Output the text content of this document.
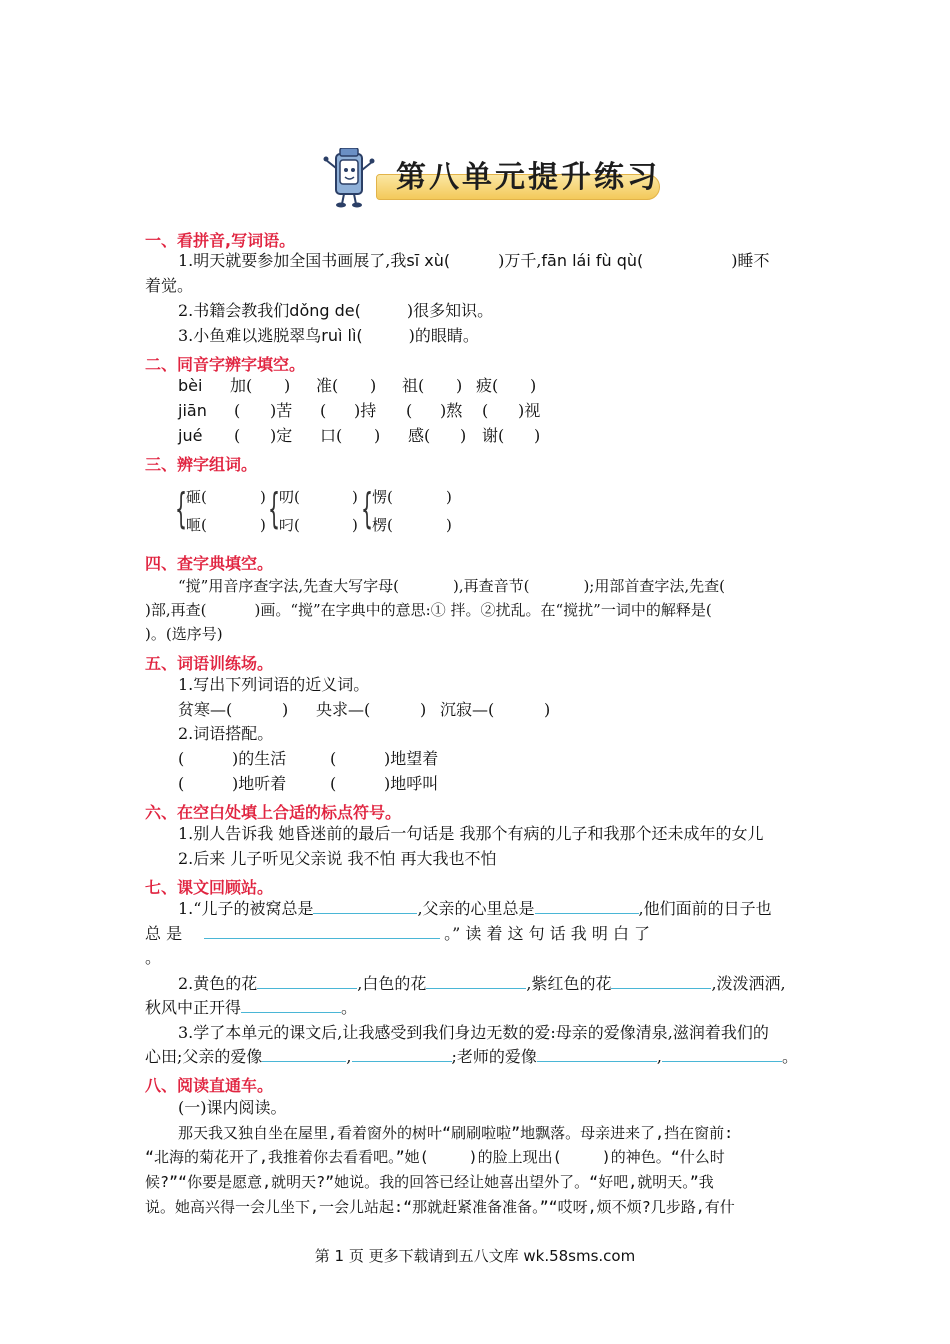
第八单元提升练习
一、看拼音,写词语。
1.明天就要参加全国书画展了,我sī xù(	)万千,fān lái fù qù(	)睡不
着觉。
2.书籍会教我们dǒng de(	)很多知识。
3.小鱼难以逃脱翠鸟ruì lì(	)的眼睛。
二、同音字辨字填空。
bèi 加( ) 准( ) 祖( ) 疲( )
jiān ( )苦 ( )持 ( )熬 ( )视
jué ( )定 口( ) 感( ) 谢( )
三、辨字组词。
{
砸(	)
咂(	) {
叨(	)
叼(	) {
愣(	)
楞(	)
四、查字典填空。
“搅”用音序查字法,先查大写字母(	),再查音节(	);用部首查字法,先查(
)部,再查(	)画。“搅”在字典中的意思:① 拌。②扰乱。在“搅扰”一词中的解释是(
)。(选序号)
五、词语训练场。
1.写出下列词语的近义词。
贫寒—(	) 央求—(	) 沉寂—(	)
2.词语搭配。
(	)的生活	(	)地望着
(	)地听着	(	)地呼叫
六、在空白处填上合适的标点符号。
1.别人告诉我 她昏迷前的最后一句话是 我那个有病的儿子和我那个还未成年的女儿
2.后来 儿子听见父亲说 我不怕 再大我也不怕
七、课文回顾站。
1.“儿子的被窝总是	,父亲的心里总是	,他们面前的日子也
总 是	。” 读 着 这 句 话 我 明 白 了
。
2.黄色的花	,白色的花	,紫红色的花	,泼泼洒洒,
秋风中正开得	。
3.学了本单元的课文后,让我感受到我们身边无数的爱:母亲的爱像清泉,滋润着我们的
心田;父亲的爱像	,	;老师的爱像	,	。
八、阅读直通车。
(一)课内阅读。
那天我又独自坐在屋里,看着窗外的树叶“刷刷啦啦”地飘落。母亲进来了,挡在窗前:
“北海的菊花开了,我推着你去看看吧。”她(	)的脸上现出(	)的神色。“什么时
候?”“你要是愿意,就明天?”她说。我的回答已经让她喜出望外了。“好吧,就明天。”我
说。她高兴得一会儿坐下,一会儿站起:“那就赶紧准备准备。”“哎呀,烦不烦?几步路,有什
第 1 页 更多下载请到五八文库 wk.58sms.com
